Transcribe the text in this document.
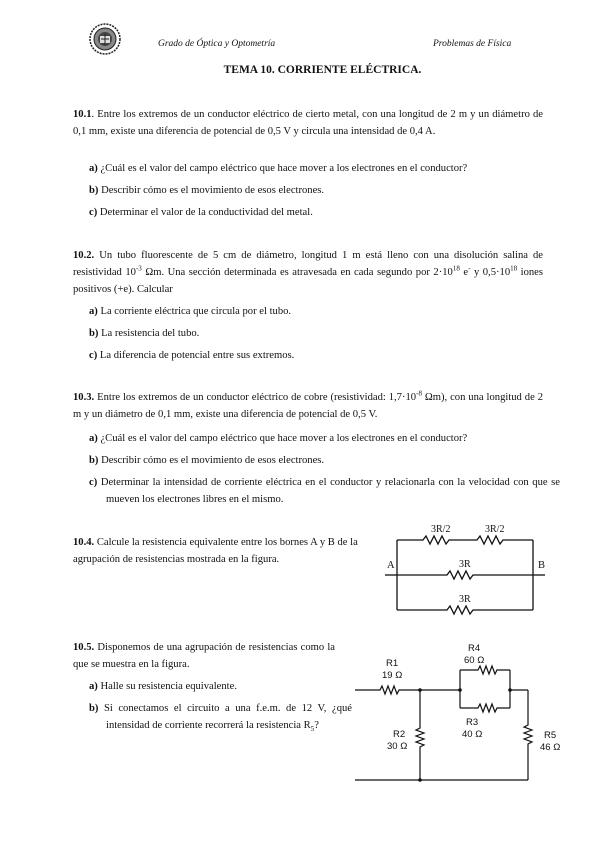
Grado de Óptica y Optometría	Problemas de Física
TEMA 10. CORRIENTE ELÉCTRICA.
10.1. Entre los extremos de un conductor eléctrico de cierto metal, con una longitud de 2 m y un diámetro de 0,1 mm, existe una diferencia de potencial de 0,5 V y circula una intensidad de 0,4 A.
a) ¿Cuál es el valor del campo eléctrico que hace mover a los electrones en el conductor?
b) Describir cómo es el movimiento de esos electrones.
c) Determinar el valor de la conductividad del metal.
10.2. Un tubo fluorescente de 5 cm de diámetro, longitud 1 m está lleno con una disolución salina de resistividad $10^{-3}$ Ωm. Una sección determinada es atravesada en cada segundo por $2\cdot 10^{18}$ e- y $0,5\cdot 10^{18}$ iones positivos (+e). Calcular
a) La corriente eléctrica que circula por el tubo.
b) La resistencia del tubo.
c) La diferencia de potencial entre sus extremos.
10.3. Entre los extremos de un conductor eléctrico de cobre (resistividad: $1,7\cdot 10^{-8}$ Ωm), con una longitud de 2 m y un diámetro de 0,1 mm, existe una diferencia de potencial de 0,5 V.
a) ¿Cuál es el valor del campo eléctrico que hace mover a los electrones en el conductor?
b) Describir cómo es el movimiento de esos electrones.
c) Determinar la intensidad de corriente eléctrica en el conductor y relacionarla con la velocidad con que se mueven los electrones libres en el mismo.
10.4. Calcule la resistencia equivalente entre los bornes A y B de la agrupación de resistencias mostrada en la figura.
A	B
3R/2	3R/2
3R
3R
10.5. Disponemos de una agrupación de resistencias como la que se muestra en la figura.
a) Halle su resistencia equivalente.
b) Si conectamos el circuito a una f.e.m. de 12 V, ¿qué intensidad de corriente recorrerá la resistencia $R_5$?
R1
19 Ω
R2
30 Ω
R4
60 Ω
R3
40 Ω	R5
46 Ω
